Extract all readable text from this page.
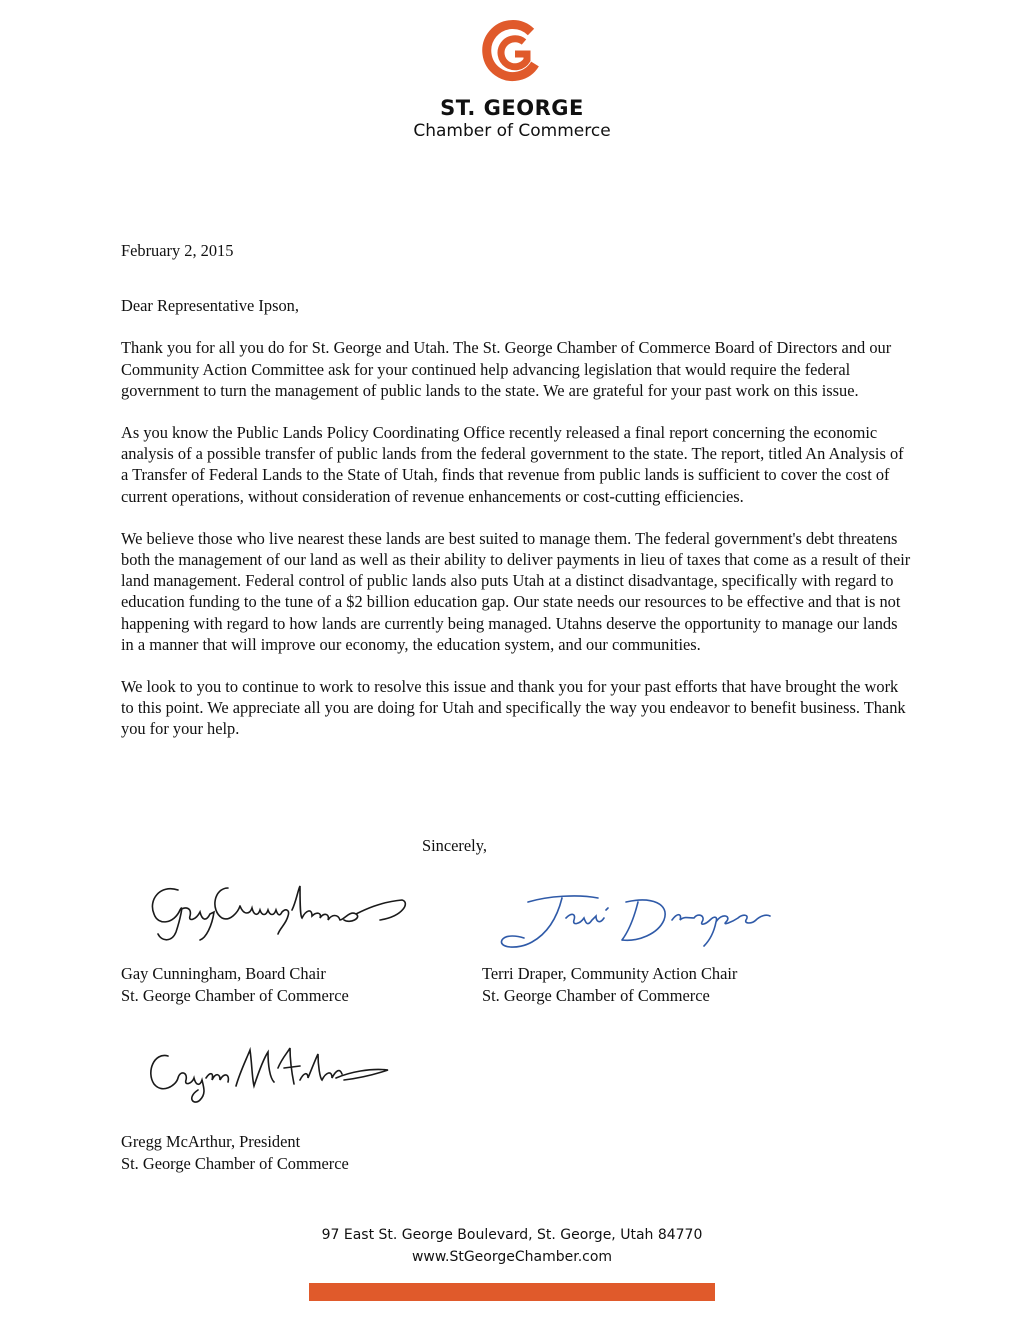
ST. GEORGE
Chamber of Commerce

February 2, 2015

Dear Representative Ipson,

Thank you for all you do for St. George and Utah. The St. George Chamber of Commerce Board of Directors and our Community Action Committee ask for your continued help advancing legislation that would require the federal government to turn the management of public lands to the state. We are grateful for your past work on this issue.

As you know the Public Lands Policy Coordinating Office recently released a final report concerning the economic analysis of a possible transfer of public lands from the federal government to the state. The report, titled An Analysis of a Transfer of Federal Lands to the State of Utah, finds that revenue from public lands is sufficient to cover the cost of current operations, without consideration of revenue enhancements or cost-cutting efficiencies.

We believe those who live nearest these lands are best suited to manage them. The federal government's debt threatens both the management of our land as well as their ability to deliver payments in lieu of taxes that come as a result of their land management. Federal control of public lands also puts Utah at a distinct disadvantage, specifically with regard to education funding to the tune of a $2 billion education gap. Our state needs our resources to be effective and that is not happening with regard to how lands are currently being managed. Utahns deserve the opportunity to manage our lands in a manner that will improve our economy, the education system, and our communities.

We look to you to continue to work to resolve this issue and thank you for your past efforts that have brought the work to this point. We appreciate all you are doing for Utah and specifically the way you endeavor to benefit business. Thank you for your help.

Sincerely,
Gay Cunningham, Board Chair
St. George Chamber of Commerce
Terri Draper, Community Action Chair
St. George Chamber of Commerce
Gregg McArthur, President
St. George Chamber of Commerce
97 East St. George Boulevard, St. George, Utah 84770
www.StGeorgeChamber.com
